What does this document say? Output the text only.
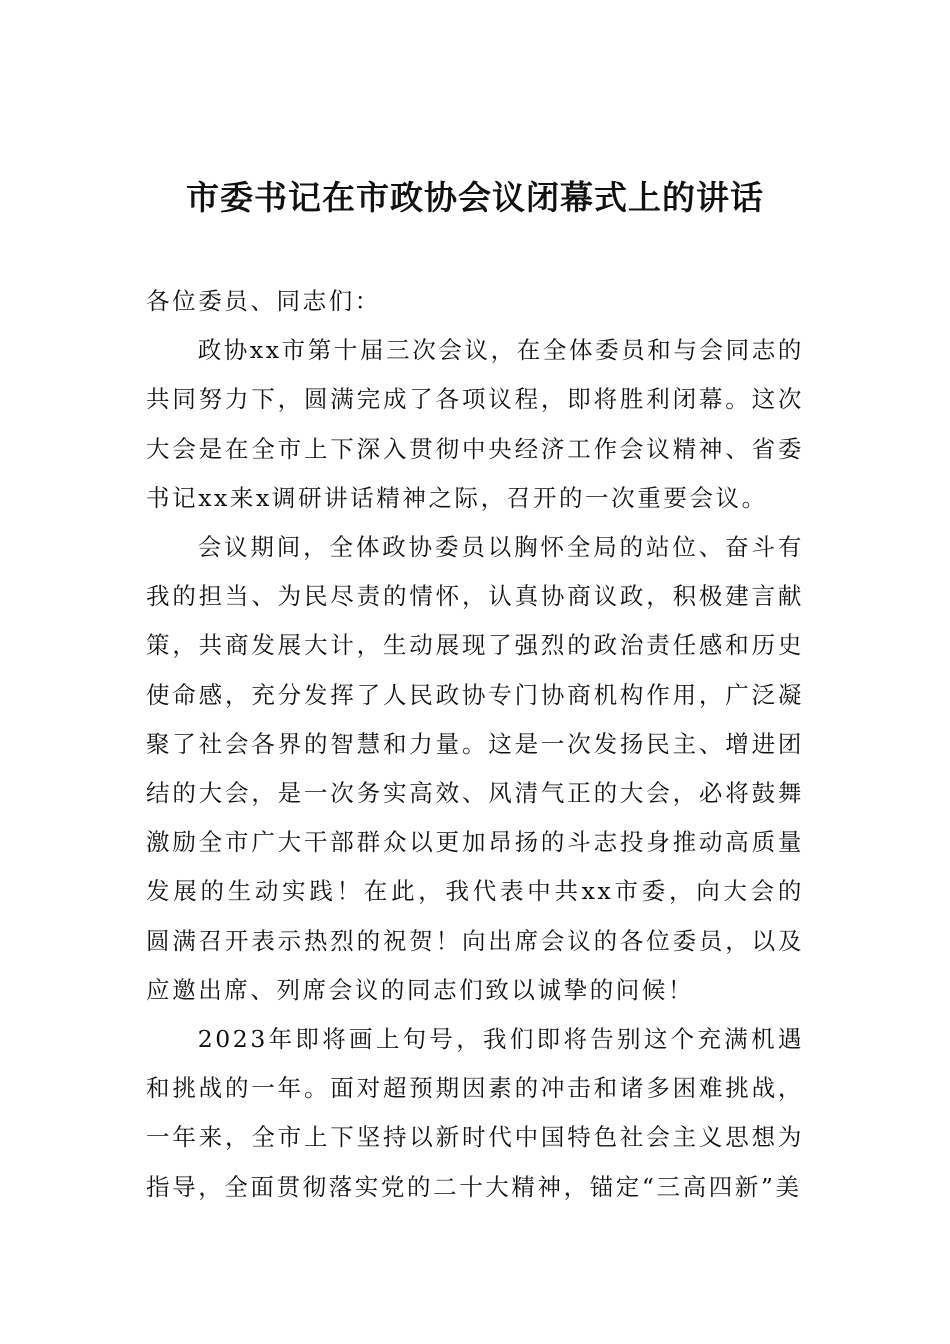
市委书记在市政协会议闭幕式上的讲话

各位委员、同志们：

政协xx市第十届三次会议，在全体委员和与会同志的共同努力下，圆满完成了各项议程，即将胜利闭幕。这次大会是在全市上下深入贯彻中央经济工作会议精神、省委书记xx来x调研讲话精神之际，召开的一次重要会议。

会议期间，全体政协委员以胸怀全局的站位、奋斗有我的担当、为民尽责的情怀，认真协商议政，积极建言献策，共商发展大计，生动展现了强烈的政治责任感和历史使命感，充分发挥了人民政协专门协商机构作用，广泛凝聚了社会各界的智慧和力量。这是一次发扬民主、增进团结的大会，是一次务实高效、风清气正的大会，必将鼓舞激励全市广大干部群众以更加昂扬的斗志投身推动高质量发展的生动实践！在此，我代表中共xx市委，向大会的圆满召开表示热烈的祝贺！向出席会议的各位委员，以及应邀出席、列席会议的同志们致以诚挚的问候！

2023年即将画上句号，我们即将告别这个充满机遇和挑战的一年。面对超预期因素的冲击和诸多困难挑战，一年来，全市上下坚持以新时代中国特色社会主义思想为指导，全面贯彻落实党的二十大精神，锚定“三高四新”美
